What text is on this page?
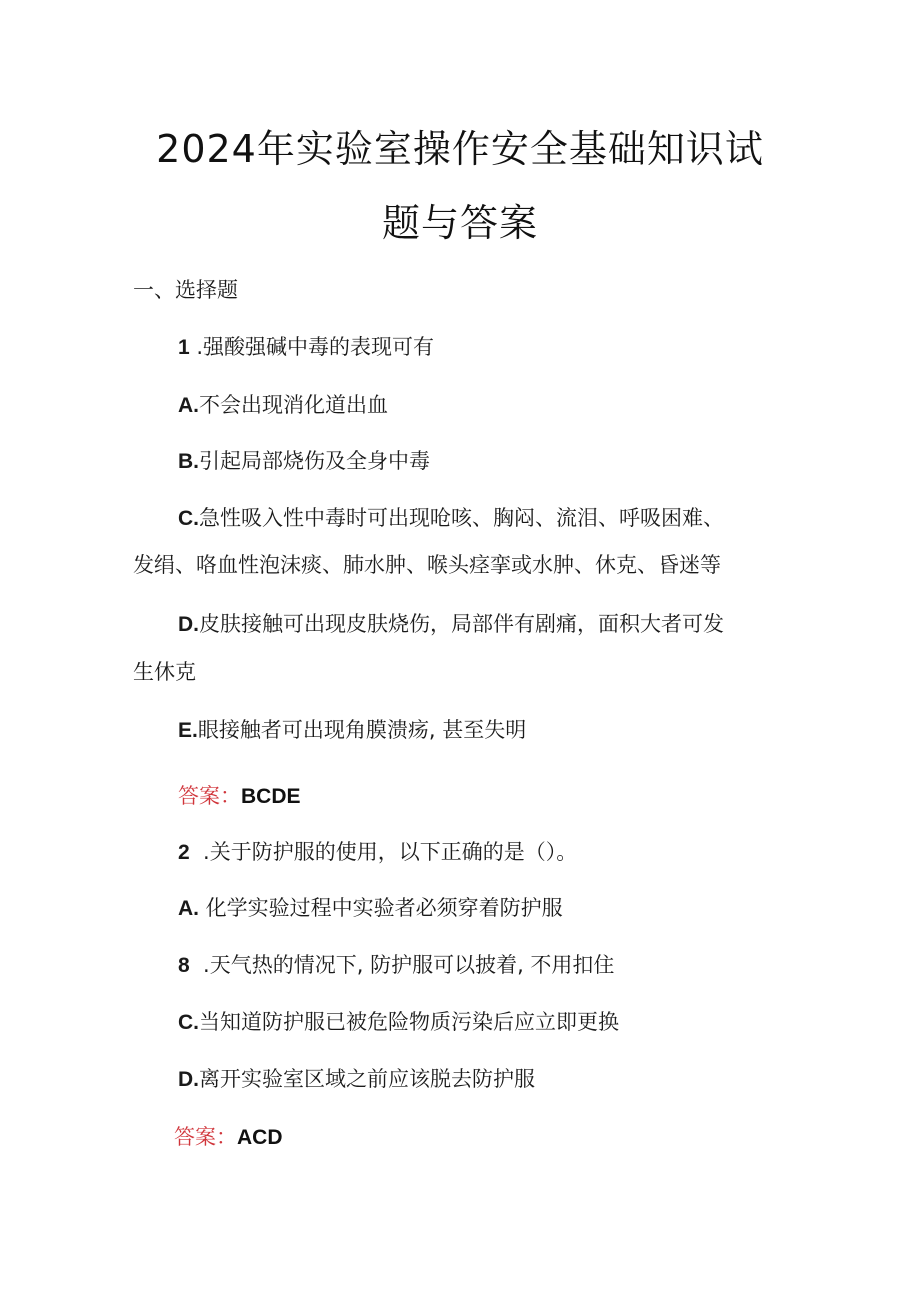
2024年实验室操作安全基础知识试
题与答案
一、选择题
1 .强酸强碱中毒的表现可有
A.不会出现消化道出血
B.引起局部烧伤及全身中毒
C.急性吸入性中毒时可出现呛咳、胸闷、流泪、呼吸困难、
发绢、咯血性泡沫痰、肺水肿、喉头痉挛或水肿、休克、昏迷等
D.皮肤接触可出现皮肤烧伤，局部伴有剧痛，面积大者可发
生休克
E.眼接触者可出现角膜溃疡, 甚至失明
答案：BCDE
2 .关于防护服的使用，以下正确的是（）。
A. 化学实验过程中实验者必须穿着防护服
8 .天气热的情况下, 防护服可以披着, 不用扣住
C.当知道防护服已被危险物质污染后应立即更换
D.离开实验室区域之前应该脱去防护服
答案：ACD
